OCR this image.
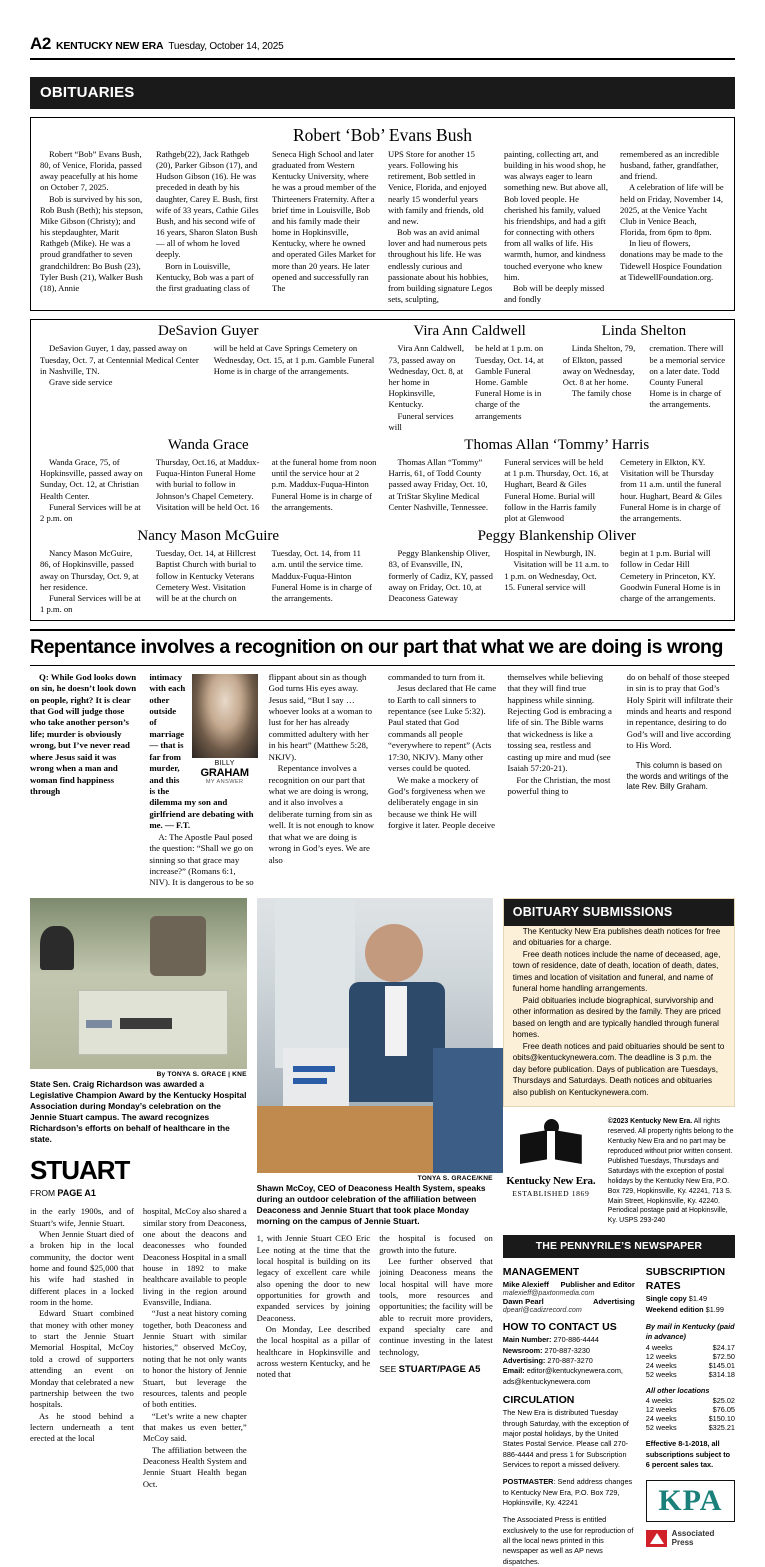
A2 KENTUCKY NEW ERA Tuesday, October 14, 2025
OBITUARIES
Robert ‘Bob’ Evans Bush
Robert “Bob” Evans Bush, 80, of Venice, Florida, passed away peacefully at his home on October 7, 2025.
Bob is survived by his son, Rob Bush (Beth); his stepson, Mike Gibson (Christy); and his stepdaughter, Marit Rathgeb (Mike). He was a proud grandfather to seven grandchildren: Bo Bush (23), Tyler Bush (21), Walker Bush (18), Annie
Rathgeb(22), Jack Rathgeb (20), Parker Gibson (17), and Hudson Gibson (16). He was preceded in death by his daughter, Carey E. Bush, first wife of 33 years, Cathie Giles Bush, and his second wife of 16 years, Sharon Slaton Bush — all of whom he loved deeply.
Born in Louisville, Kentucky, Bob was a part of the first graduating class of
Seneca High School and later graduated from Western Kentucky University, where he was a proud member of the Thirteeners Fraternity. After a brief time in Louisville, Bob and his family made their home in Hopkinsville, Kentucky, where he owned and operated Giles Market for more than 20 years. He later opened and successfully ran The
UPS Store for another 15 years. Following his retirement, Bob settled in Venice, Florida, and enjoyed nearly 15 wonderful years with family and friends, old and new.
Bob was an avid animal lover and had numerous pets throughout his life. He was endlessly curious and passionate about his hobbies, from building signature Legos sets, sculpting,
painting, collecting art, and building in his wood shop, he was always eager to learn something new. But above all, Bob loved people. He cherished his family, valued his friendships, and had a gift for connecting with others from all walks of life. His warmth, humor, and kindness touched everyone who knew him.
Bob will be deeply missed and fondly
remembered as an incredible husband, father, grandfather, and friend.
A celebration of life will be held on Friday, November 14, 2025, at the Venice Yacht Club in Venice Beach, Florida, from 6pm to 8pm.
In lieu of flowers, donations may be made to the Tidewell Hospice Foundation at TidewellFoundation.org.
DeSavion Guyer
DeSavion Guyer, 1 day, passed away on Tuesday, Oct. 7, at Centennial Medical Center in Nashville, TN.
Grave side service
will be held at Cave Springs Cemetery on Wednesday, Oct. 15, at 1 p.m. Gamble Funeral Home is in charge of the arrangements.
Vira Ann Caldwell
Vira Ann Caldwell, 73, passed away on Wednesday, Oct. 8, at her home in Hopkinsville, Kentucky.
Funeral services will
be held at 1 p.m. on Tuesday, Oct. 14, at Gamble Funeral Home. Gamble Funeral Home is in charge of the arrangements
Linda Shelton
Linda Shelton, 79, of Elkton, passed away on Wednesday, Oct. 8 at her home.
The family chose
cremation. There will be a memorial service on a later date. Todd County Funeral Home is in charge of the arrangements.
Wanda Grace
Wanda Grace, 75, of Hopkinsville, passed away on Sunday, Oct. 12, at Christian Health Center.
Funeral Services will be at 2 p.m. on
Thursday, Oct.16, at Maddux-Fuqua-Hinton Funeral Home with burial to follow in Johnson’s Chapel Cemetery. Visitation will be held Oct. 16
at the funeral home from noon until the service hour at 2 p.m. Maddux-Fuqua-Hinton Funeral Home is in charge of the arrangements.
Thomas Allan ‘Tommy’ Harris
Thomas Allan “Tommy” Harris, 61, of Todd County passed away Friday, Oct. 10, at TriStar Skyline Medical Center Nashville, Tennessee.
Funeral services will be held at 1 p.m. Thursday, Oct. 16, at Hughart, Beard & Giles Funeral Home. Burial will follow in the Harris family plot at Glenwood
Cemetery in Elkton, KY. Visitation will be Thursday from 11 a.m. until the funeral hour. Hughart, Beard & Giles Funeral Home is in charge of the arrangements.
Nancy Mason McGuire
Nancy Mason McGuire, 86, of Hopkinsville, passed away on Thursday, Oct. 9, at her residence.
Funeral Services will be at 1 p.m. on
Tuesday, Oct. 14, at Hillcrest Baptist Church with burial to follow in Kentucky Veterans Cemetery West. Visitation will be at the church on
Tuesday, Oct. 14, from 11 a.m. until the service time. Maddux-Fuqua-Hinton Funeral Home is in charge of the arrangements.
Peggy Blankenship Oliver
Peggy Blankenship Oliver, 83, of Evansville, IN, formerly of Cadiz, KY, passed away on Friday, Oct. 10, at Deaconess Gateway
Hospital in Newburgh, IN.
Visitation will be 11 a.m. to 1 p.m. on Wednesday, Oct. 15. Funeral service will
begin at 1 p.m. Burial will follow in Cedar Hill Cemetery in Princeton, KY. Goodwin Funeral Home is in charge of the arrangements.
Repentance involves a recognition on our part that what we are doing is wrong
Q: While God looks down on sin, he doesn’t look down on people, right? It is clear that God will judge those who take another person’s life; murder is obviously wrong, but I’ve never read where Jesus said it was wrong when a man and woman find happiness through
BILLY
GRAHAM
MY ANSWER
intimacy with each other outside of marriage — that is far from murder, and this is the dilemma my son and girlfriend are debating with me. — F.T.
A: The Apostle Paul posed the question: “Shall we go on sinning so that grace may increase?” (Romans 6:1, NIV). It is dangerous to be so
flippant about sin as though God turns His eyes away. Jesus said, “But I say … whoever looks at a woman to lust for her has already committed adultery with her in his heart” (Matthew 5:28, NKJV).
Repentance involves a recognition on our part that what we are doing is wrong, and it also involves a deliberate turning from sin as well. It is not enough to know that what we are doing is wrong in God’s eyes. We are also
commanded to turn from it.
Jesus declared that He came to Earth to call sinners to repentance (see Luke 5:32). Paul stated that God commands all people “everywhere to repent” (Acts 17:30, NKJV). Many other verses could be quoted.
We make a mockery of God’s forgiveness when we deliberately engage in sin because we think He will forgive it later. People deceive
themselves while believing that they will find true happiness while sinning. Rejecting God is embracing a life of sin. The Bible warns that wickedness is like a tossing sea, restless and casting up mire and mud (see Isaiah 57:20-21).
For the Christian, the most powerful thing to
do on behalf of those steeped in sin is to pray that God’s Holy Spirit will infiltrate their minds and hearts and respond in repentance, desiring to do God’s will and live according to His Word.
This column is based on the words and writings of the late Rev. Billy Graham.
By TONYA S. GRACE | KNE
State Sen. Craig Richardson was awarded a Legislative Champion Award by the Kentucky Hospital Association during Monday’s celebration on the Jennie Stuart campus. The award recognizes Richardson’s efforts on behalf of healthcare in the state.
STUART
FROM PAGE A1
in the early 1900s, and of Stuart’s wife, Jennie Stuart.
When Jennie Stuart died of a broken hip in the local community, the doctor went home and found $25,000 that his wife had stashed in different places in a locked room in the home.
Edward Stuart combined that money with other money to start the Jennie Stuart Memorial Hospital, McCoy told a crowd of supporters attending an event on Monday that celebrated a new partnership between the two hospitals.
As he stood behind a lectern underneath a tent erected at the local
hospital, McCoy also shared a similar story from Deaconess, one about the deacons and deaconesses who founded Deaconess Hospital in a small house in 1892 to make healthcare available to people living in the region around Evansville, Indiana.
“Just a neat history coming together, both Deaconess and Jennie Stuart with similar histories,” observed McCoy, noting that he not only wants to honor the history of Jennie Stuart, but leverage the resources, talents and people of both entities.
“Let’s write a new chapter that makes us even better,” McCoy said.
The affiliation between the Deaconess Health System and Jennie Stuart Health began Oct.
TONYA S. GRACE/KNE
Shawn McCoy, CEO of Deaconess Health System, speaks during an outdoor celebration of the affiliation between Deaconess and Jennie Stuart that took place Monday morning on the campus of Jennie Stuart.
1, with Jennie Stuart CEO Eric Lee noting at the time that the local hospital is building on its legacy of excellent care while also opening the door to new opportunities for growth and expanded services by joining Deaconess.
On Monday, Lee described the local hospital as a pillar of healthcare in Hopkinsville and across western Kentucky, and he noted that
the hospital is focused on growth into the future.
Lee further observed that joining Deaconess means the local hospital will have more tools, more resources and opportunities; the facility will be able to recruit more providers, expand specialty care and continue investing in the latest technology,
SEE STUART/PAGE A5
OBITUARY SUBMISSIONS
The Kentucky New Era publishes death notices for free and obituaries for a charge.
Free death notices include the name of deceased, age, town of residence, date of death, location of death, dates, times and location of visitation and funeral, and name of funeral home handling arrangements.
Paid obituaries include biographical, survivorship and other information as desired by the family. They are priced based on length and are typically handled through funeral homes.
Free death notices and paid obituaries should be sent to obits@kentuckynewera.com. The deadline is 3 p.m. the day before publication. Days of publication are Tuesdays, Thursdays and Saturdays. Death notices and obituaries also publish on Kentuckynewera.com.
Kentucky New Era.
ESTABLISHED 1869
©2023 Kentucky New Era. All rights reserved. All property rights belong to the Kentucky New Era and no part may be reproduced without prior written consent. Published Tuesdays, Thursdays and Saturdays with the exception of postal holidays by the Kentucky New Era, P.O. Box 729, Hopkinsville, Ky. 42241, 713 S. Main Street, Hopkinsville, Ky. 42240. Periodical postage paid at Hopkinsville, Ky. USPS 293-240
THE PENNYRILE’S NEWSPAPER
MANAGEMENT
Mike Alexieff Publisher and Editor
malexieff@paxtonmedia.com
Dawn Pearl	Advertising
dpearl@cadizrecord.com
HOW TO CONTACT US
Main Number: 270-886-4444
Newsroom: 270-887-3230
Advertising: 270-887-3270
Email: editor@kentuckynewera.com, ads@kentuckynewera.com
CIRCULATION
The New Era is distributed Tuesday through Saturday, with the exception of major postal holidays, by the United States Postal Service. Please call 270-886-4444 and press 1 for Subscription Services to report a missed delivery.
POSTMASTER: Send address changes to Kentucky New Era, P.O. Box 729, Hopkinsville, Ky. 42241
The Associated Press is entitled exclusively to the use for reproduction of all the local news printed in this newspaper as well as AP news dispatches.
SUBSCRIPTION
RATES
Single copy $1.49
Weekend edition $1.99
By mail in Kentucky (paid in advance)
4 weeks	$24.17
12 weeks	$72.50
24 weeks	$145.01
52 weeks	$314.18
All other locations
4 weeks	$25.02
12 weeks	$76.05
24 weeks	$150.10
52 weeks	$325.21
Effective 8-1-2018, all subscriptions subject to 6 percent sales tax.
KPA
Associated Press
